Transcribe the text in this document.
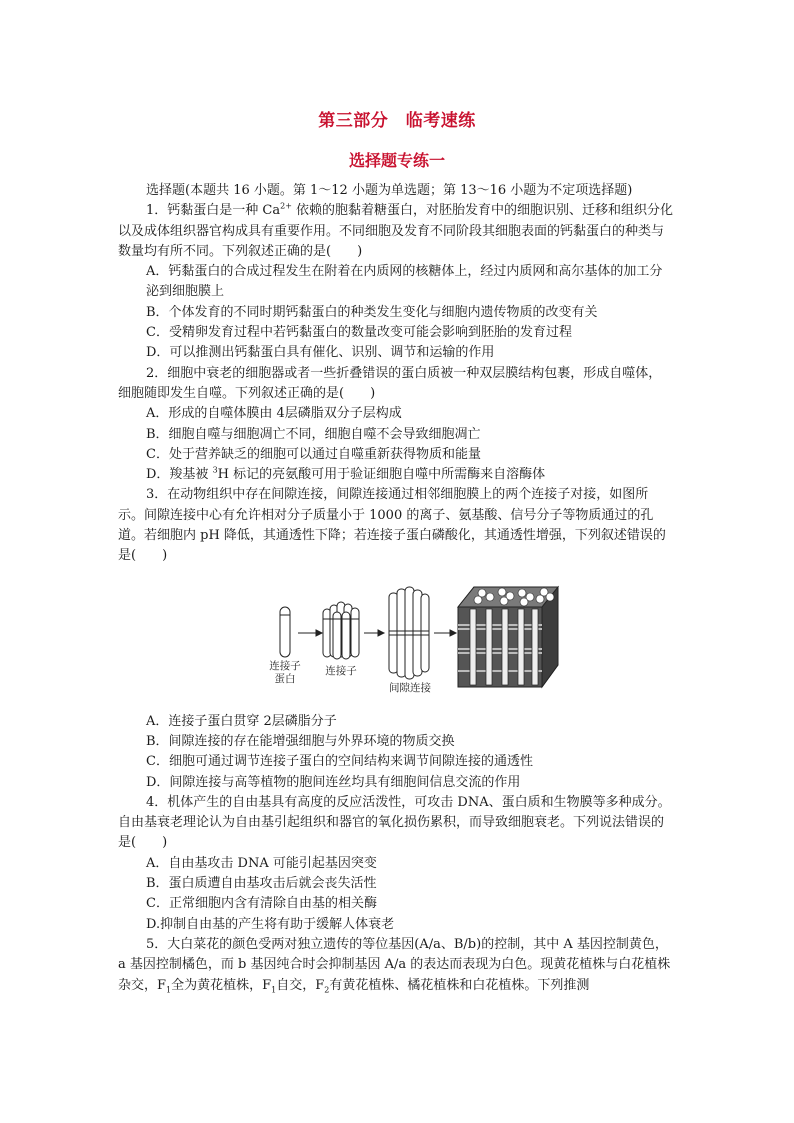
第三部分　临考速练
选择题专练一

选择题(本题共 16 小题。第 1～12 小题为单选题；第 13～16 小题为不定项选择题)

1．钙黏蛋白是一种 $Ca^{2+}$ 依赖的胞黏着糖蛋白，对胚胎发育中的细胞识别、迁移和组织分化以及成体组织器官构成具有重要作用。不同细胞及发育不同阶段其细胞表面的钙黏蛋白的种类与数量均有所不同。下列叙述正确的是(　　)

A．钙黏蛋白的合成过程发生在附着在内质网的核糖体上，经过内质网和高尔基体的加工分泌到细胞膜上

B．个体发育的不同时期钙黏蛋白的种类发生变化与细胞内遗传物质的改变有关

C．受精卵发育过程中若钙黏蛋白的数量改变可能会影响到胚胎的发育过程

D．可以推测出钙黏蛋白具有催化、识别、调节和运输的作用

2．细胞中衰老的细胞器或者一些折叠错误的蛋白质被一种双层膜结构包裹，形成自噬体，细胞随即发生自噬。下列叙述正确的是(　　)

A．形成的自噬体膜由 4层磷脂双分子层构成

B．细胞自噬与细胞凋亡不同，细胞自噬不会导致细胞凋亡

C．处于营养缺乏的细胞可以通过自噬重新获得物质和能量

D．羧基被 $^3$H 标记的亮氨酸可用于验证细胞自噬中所需酶来自溶酶体

3．在动物组织中存在间隙连接，间隙连接通过相邻细胞膜上的两个连接子对接，如图所示。间隙连接中心有允许相对分子质量小于 1000 的离子、氨基酸、信号分子等物质通过的孔道。若细胞内 pH 降低，其通透性下降；若连接子蛋白磷酸化，其通透性增强，下列叙述错误的是(　　)

连接子
蛋白
连接子
间隙连接

A．连接子蛋白贯穿 2层磷脂分子

B．间隙连接的存在能增强细胞与外界环境的物质交换

C．细胞可通过调节连接子蛋白的空间结构来调节间隙连接的通透性

D．间隙连接与高等植物的胞间连丝均具有细胞间信息交流的作用

4．机体产生的自由基具有高度的反应活泼性，可攻击 DNA、蛋白质和生物膜等多种成分。自由基衰老理论认为自由基引起组织和器官的氧化损伤累积，而导致细胞衰老。下列说法错误的是(　　)

A．自由基攻击 DNA 可能引起基因突变

B．蛋白质遭自由基攻击后就会丧失活性

C．正常细胞内含有清除自由基的相关酶

D.抑制自由基的产生将有助于缓解人体衰老

5．大白菜花的颜色受两对独立遗传的等位基因(A/a、B/b)的控制，其中 A 基因控制黄色，a 基因控制橘色，而 b 基因纯合时会抑制基因 A/a 的表达而表现为白色。现黄花植株与白花植株杂交，$F_1$全为黄花植株，$F_1$自交，$F_2$有黄花植株、橘花植株和白花植株。下列推测
